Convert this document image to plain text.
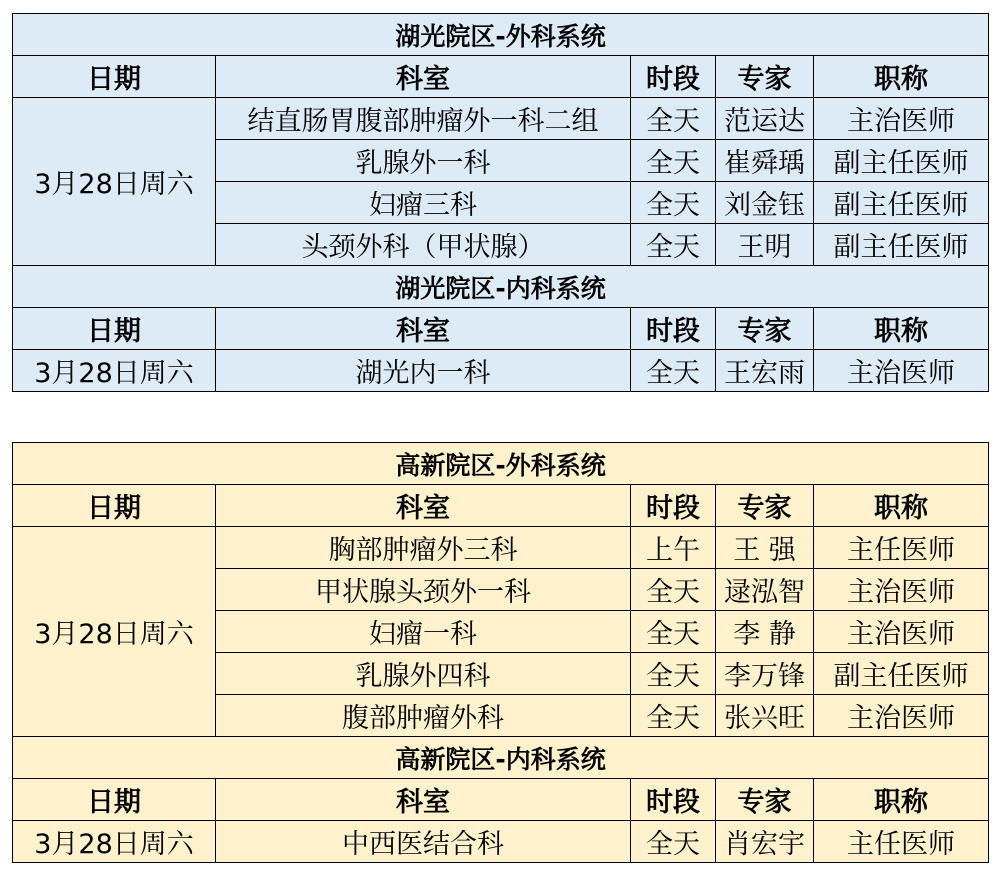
湖光院区-外科系统				
日期	科室	时段	专家	职称
3月28日周六	结直肠胃腹部肿瘤外一科二组	全天	范运达	主治医师
	乳腺外一科	全天	崔舜瑀	副主任医师
	妇瘤三科	全天	刘金钰	副主任医师
	头颈外科（甲状腺）	全天	王明	副主任医师
湖光院区-内科系统				
日期	科室	时段	专家	职称
3月28日周六	湖光内一科	全天	王宏雨	主治医师
高新院区-外科系统				
日期	科室	时段	专家	职称
3月28日周六	胸部肿瘤外三科	上午	王 强	主任医师
	甲状腺头颈外一科	全天	逯泓智	主治医师
	妇瘤一科	全天	李 静	主治医师
	乳腺外四科	全天	李万锋	副主任医师
	腹部肿瘤外科	全天	张兴旺	主治医师
高新院区-内科系统				
日期	科室	时段	专家	职称
3月28日周六	中西医结合科	全天	肖宏宇	主任医师
